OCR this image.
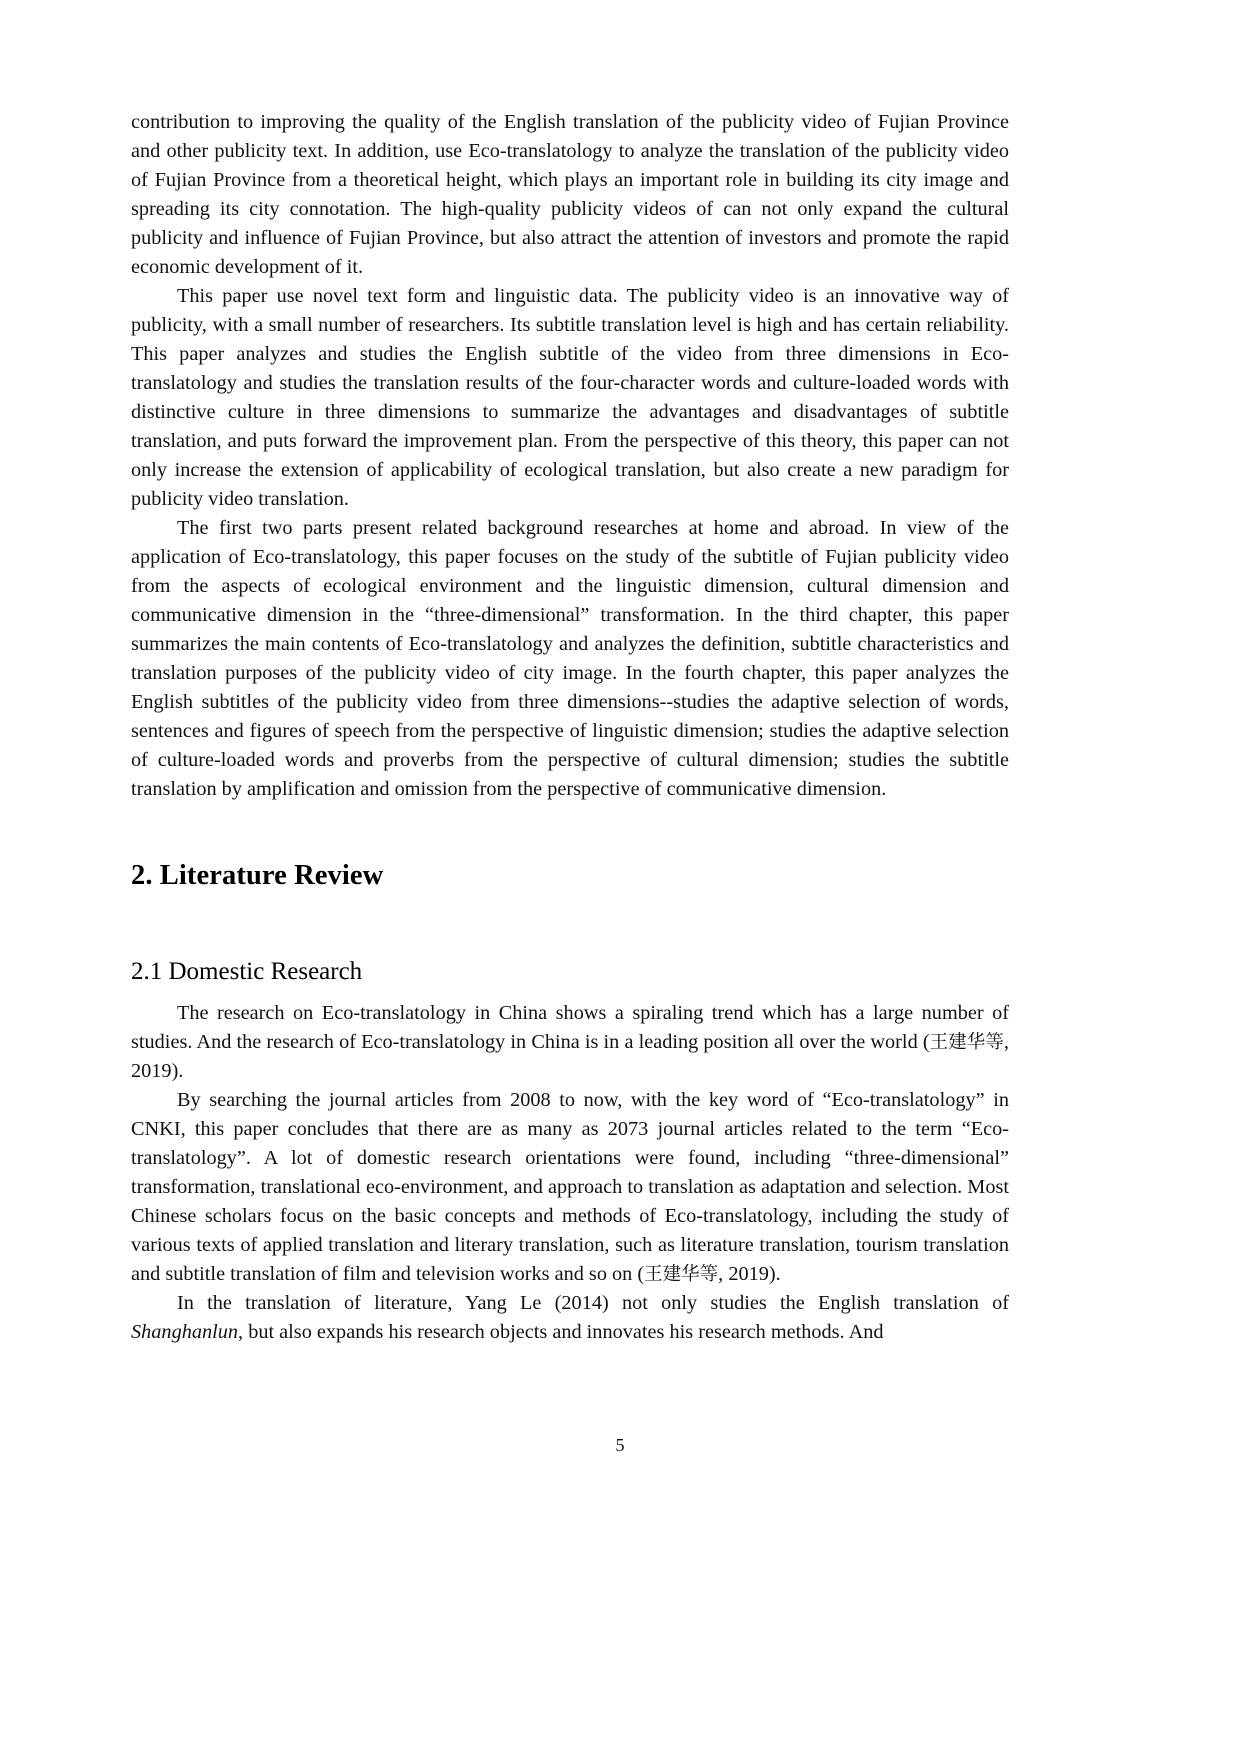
contribution to improving the quality of the English translation of the publicity video of Fujian Province and other publicity text. In addition, use Eco-translatology to analyze the translation of the publicity video of Fujian Province from a theoretical height, which plays an important role in building its city image and spreading its city connotation. The high-quality publicity videos of can not only expand the cultural publicity and influence of Fujian Province, but also attract the attention of investors and promote the rapid economic development of it.

This paper use novel text form and linguistic data. The publicity video is an innovative way of publicity, with a small number of researchers. Its subtitle translation level is high and has certain reliability. This paper analyzes and studies the English subtitle of the video from three dimensions in Eco-translatology and studies the translation results of the four-character words and culture-loaded words with distinctive culture in three dimensions to summarize the advantages and disadvantages of subtitle translation, and puts forward the improvement plan. From the perspective of this theory, this paper can not only increase the extension of applicability of ecological translation, but also create a new paradigm for publicity video translation.

The first two parts present related background researches at home and abroad. In view of the application of Eco-translatology, this paper focuses on the study of the subtitle of Fujian publicity video from the aspects of ecological environment and the linguistic dimension, cultural dimension and communicative dimension in the “three-dimensional” transformation. In the third chapter, this paper summarizes the main contents of Eco-translatology and analyzes the definition, subtitle characteristics and translation purposes of the publicity video of city image. In the fourth chapter, this paper analyzes the English subtitles of the publicity video from three dimensions--studies the adaptive selection of words, sentences and figures of speech from the perspective of linguistic dimension; studies the adaptive selection of culture-loaded words and proverbs from the perspective of cultural dimension; studies the subtitle translation by amplification and omission from the perspective of communicative dimension.

2. Literature Review
2.1 Domestic Research

The research on Eco-translatology in China shows a spiraling trend which has a large number of studies. And the research of Eco-translatology in China is in a leading position all over the world (王建华等, 2019).

By searching the journal articles from 2008 to now, with the key word of “Eco-translatology” in CNKI, this paper concludes that there are as many as 2073 journal articles related to the term “Eco-translatology”. A lot of domestic research orientations were found, including “three-dimensional” transformation, translational eco-environment, and approach to translation as adaptation and selection. Most Chinese scholars focus on the basic concepts and methods of Eco-translatology, including the study of various texts of applied translation and literary translation, such as literature translation, tourism translation and subtitle translation of film and television works and so on (王建华等, 2019).

In the translation of literature, Yang Le (2014) not only studies the English translation of Shanghanlun, but also expands his research objects and innovates his research methods. And

5
